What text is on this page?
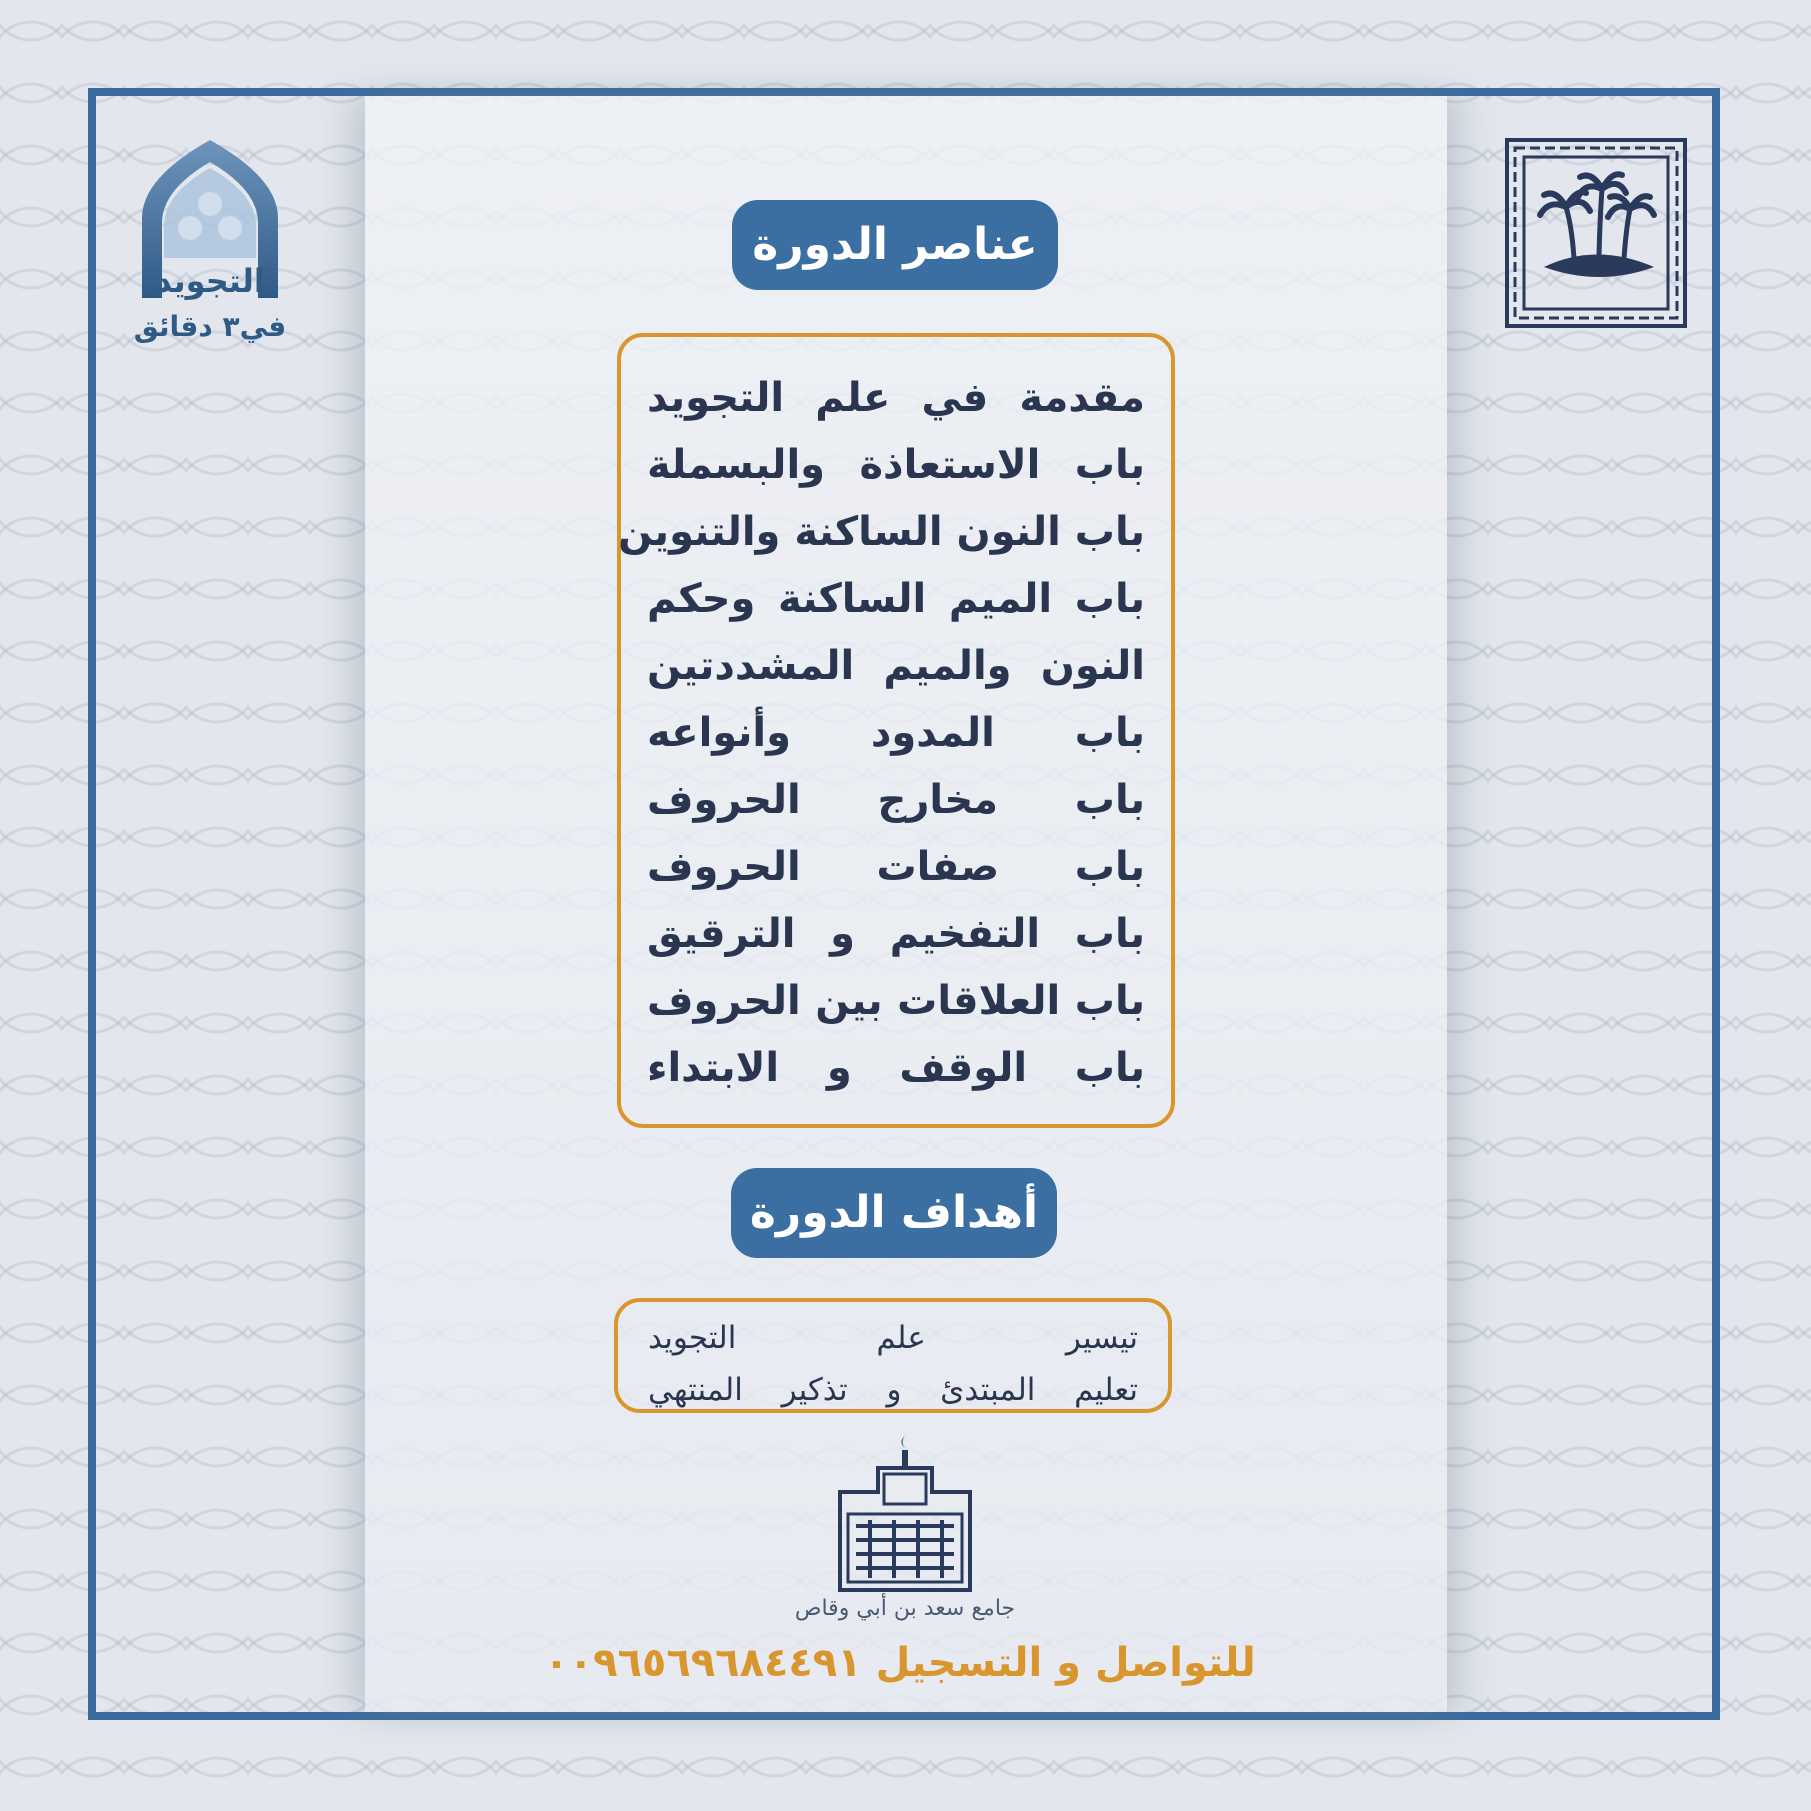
التجويد
في٣ دقائق
عناصر الدورة
مقدمة في علم التجويد
باب الاستعاذة والبسملة
باب النون الساكنة والتنوين
باب الميم الساكنة وحكم
النون والميم المشددتين
باب المدود وأنواعه
باب مخارج الحروف
باب صفات الحروف
باب التفخيم و الترقيق
باب العلاقات بين الحروف
باب الوقف و الابتداء
أهداف الدورة
تيسير علم التجويد
تعليم المبتدئ و تذكير المنتهي
جامع سعد بن أبي وقاص
للتواصل و التسجيل ٠٠٩٦٥٦٩٦٨٤٤٩١
